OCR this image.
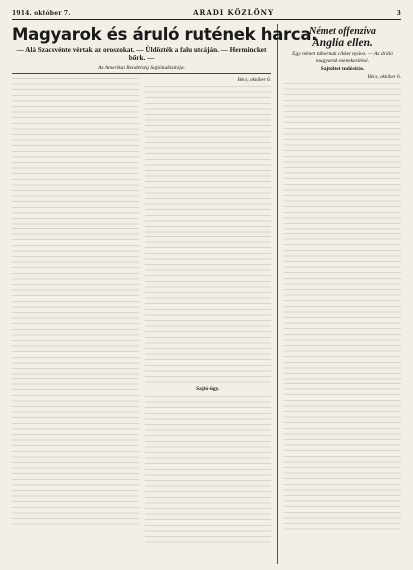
1914. október 7.	ARADI KÖZLÖNY	3
Magyarok és áruló rutének harca.
— Alá Szacsvénte vértak az oroszokat. — Üldözték a falu utcáján. — Hermincket bőrk. —
Az Amerikai Rendelség Sajtótudósítója.
Bécs, október 6.
Sajtó-ügy.
Német offenzíva
Anglia ellen.
Egy német tábornak cikket nyúva. — Az dráló magyarok menekesítésé.
Sajtóitet tudósítás.
Bécs, október 6.
